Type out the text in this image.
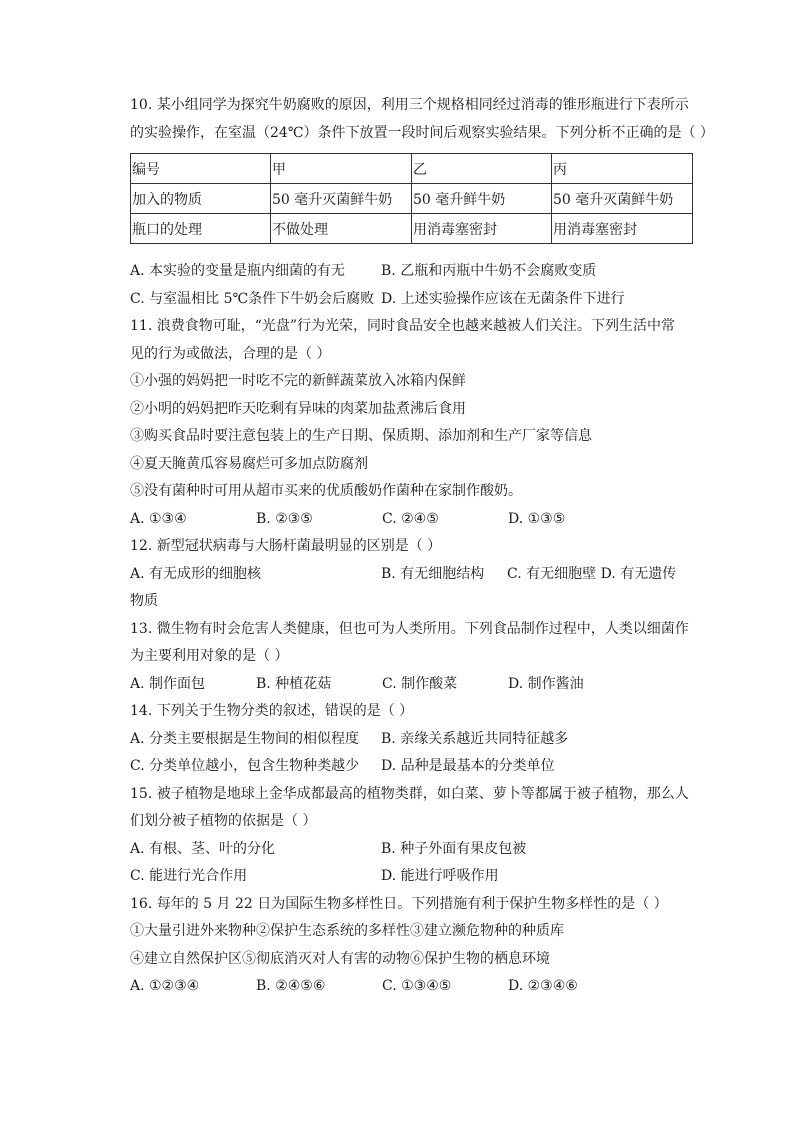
10. 某小组同学为探究牛奶腐败的原因，利用三个规格相同经过消毒的锥形瓶进行下表所示
的实验操作，在室温（24℃）条件下放置一段时间后观察实验结果。下列分析不正确的是（ ）
编号	甲	乙	丙
加入的物质	50 毫升灭菌鲜牛奶	50 毫升鲜牛奶	50 毫升灭菌鲜牛奶
瓶口的处理	不做处理	用消毒塞密封	用消毒塞密封
A. 本实验的变量是瓶内细菌的有无	B. 乙瓶和丙瓶中牛奶不会腐败变质
C. 与室温相比 5℃条件下牛奶会后腐败 D. 上述实验操作应该在无菌条件下进行
11. 浪费食物可耻，“光盘”行为光荣，同时食品安全也越来越被人们关注。下列生活中常
见的行为或做法，合理的是（ ）
①小强的妈妈把一时吃不完的新鲜蔬菜放入冰箱内保鲜
②小明的妈妈把昨天吃剩有异味的肉菜加盐煮沸后食用
③购买食品时要注意包装上的生产日期、保质期、添加剂和生产厂家等信息
④夏天腌黄瓜容易腐烂可多加点防腐剂
⑤没有菌种时可用从超市买来的优质酸奶作菌种在家制作酸奶。
A. ①③④	B. ②③⑤	C. ②④⑤	D. ①③⑤
12. 新型冠状病毒与大肠杆菌最明显的区别是（ ）
A. 有无成形的细胞核	B. 有无细胞结构 C. 有无细胞壁 D. 有无遗传
物质
13. 微生物有时会危害人类健康，但也可为人类所用。下列食品制作过程中，人类以细菌作
为主要利用对象的是（ ）
A. 制作面包	B. 种植花菇	C. 制作酸菜	D. 制作酱油
14. 下列关于生物分类的叙述，错误的是（ ）
A. 分类主要根据是生物间的相似程度 B. 亲缘关系越近共同特征越多
C. 分类单位越小，包含生物种类越少 D. 品种是最基本的分类单位
15. 被子植物是地球上金华成都最高的植物类群，如白菜、萝卜等都属于被子植物，那么人
们划分被子植物的依据是（ ）
A. 有根、茎、叶的分化	B. 种子外面有果皮包被
C. 能进行光合作用	D. 能进行呼吸作用
16. 每年的 5 月 22 日为国际生物多样性日。下列措施有利于保护生物多样性的是（ ）
①大量引进外来物种②保护生态系统的多样性③建立濒危物种的种质库
④建立自然保护区⑤彻底消灭对人有害的动物⑥保护生物的栖息环境
A. ①②③④	B. ②④⑤⑥	C. ①③④⑤	D. ②③④⑥
